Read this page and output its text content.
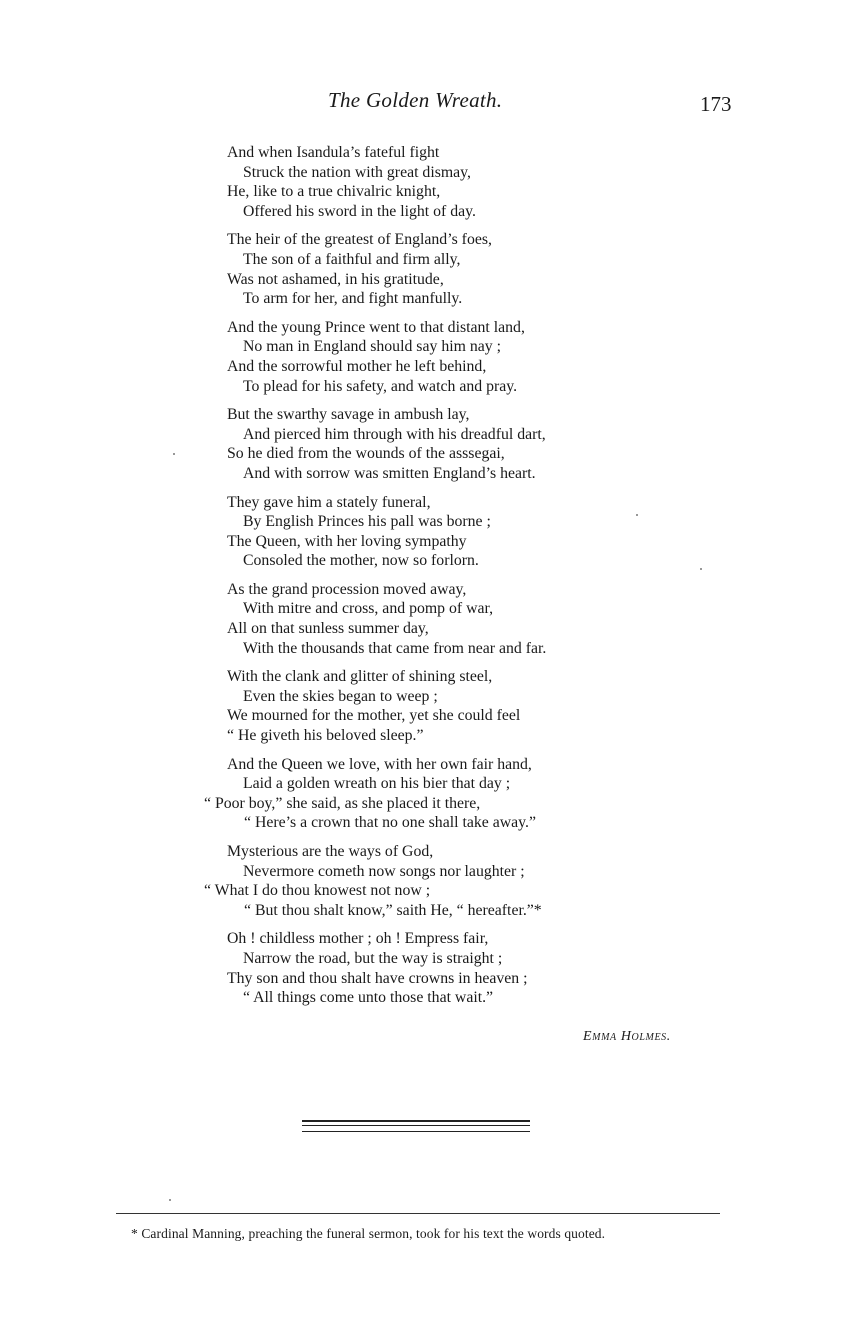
The Golden Wreath.	173
And when Isandula’s fateful fight
Struck the nation with great dismay,
He, like to a true chivalric knight,
Offered his sword in the light of day.
The heir of the greatest of England’s foes,
The son of a faithful and firm ally,
Was not ashamed, in his gratitude,
To arm for her, and fight manfully.
And the young Prince went to that distant land,
No man in England should say him nay ;
And the sorrowful mother he left behind,
To plead for his safety, and watch and pray.
But the swarthy savage in ambush lay,
And pierced him through with his dreadful dart,
So he died from the wounds of the asssegai,
And with sorrow was smitten England’s heart.
They gave him a stately funeral,
By English Princes his pall was borne ;
The Queen, with her loving sympathy
Consoled the mother, now so forlorn.
As the grand procession moved away,
With mitre and cross, and pomp of war,
All on that sunless summer day,
With the thousands that came from near and far.
With the clank and glitter of shining steel,
Even the skies began to weep ;
We mourned for the mother, yet she could feel
“ He giveth his beloved sleep.”
And the Queen we love, with her own fair hand,
Laid a golden wreath on his bier that day ;
“ Poor boy,” she said, as she placed it there,
“ Here’s a crown that no one shall take away.”
Mysterious are the ways of God,
Nevermore cometh now songs nor laughter ;
“ What I do thou knowest not now ;
“ But thou shalt know,” saith He, “ hereafter.”*
Oh ! childless mother ; oh ! Empress fair,
Narrow the road, but the way is straight ;
Thy son and thou shalt have crowns in heaven ;
“ All things come unto those that wait.”
Emma Holmes.
* Cardinal Manning, preaching the funeral sermon, took for his text the words quoted.
